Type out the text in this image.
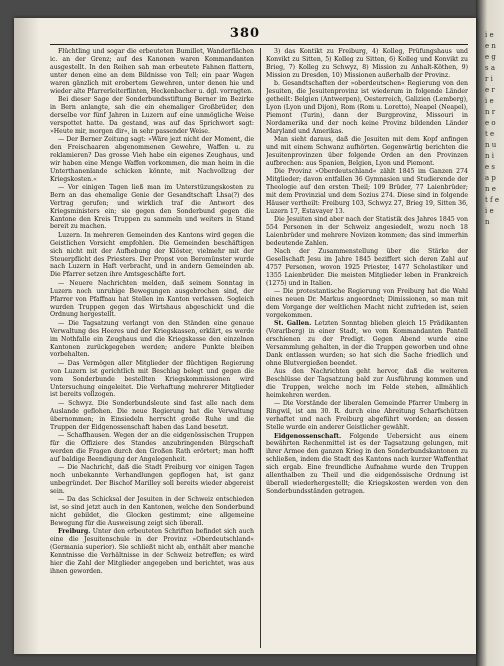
i e e n e g s a r i e r i e n r e o t e n u n i e s a p n e t f e i e n
380

Flüchtling und sogar die erbeuteten Bumillet, Wanderflächen ic. an der Grenz; auf des Kanonen waren Kommandanten ausgestellt. In den Reihen sah man erbeutete Fahnen flattern, unter denen eine an dem Bildnisse von Tell; ein paar Wagen waren gänzlich mit erobertem Gewehren, unter denen hie und wieder alte Pfarrerleiterflinten, Heckenbacher u. dgl. vorragten.

Bei dieser Sage der Sonderbundsstiftung Berner im Bezirke in Bern anlangte, sah die ein ehemaliger Großbrüder, den derselbe vor fünf Jahren in Luzern auf eine unmögliche Weise verspottet hatte. Da gestand, was auf das Sprichwort sagt: »Heute mir, morgen dir«, in sehr passender Weise.

— Der Berner Zeitung sagt: »Wäre jezt nicht der Moment, die den Freischaaren abgenommenen Gewehre, Waffen u. zu reklamieren? Das grosse Vieh habe ein eigenes Zeughaus, und wir haben eine Menge Waffen vorkommen, die man heim in die Unterthanenlande schicken könnte, mit Nachvollzug der Kriegskosten.«

— Vor einigen Tagen ließ man im Unterstüzungskosten zu Bern an das ehemalige Genie der Gesandtschaft Lhsa(?) des Vertrag gerufen; und wirklich traf die Antwort des Kriegsministers ein; sie gegen den Sonderbund gegen die Kantone den Kreis Truppen zu sammeln und weiters in Stand bereit zu machen.

Luzern. In mehreren Gemeinden des Kantons wird gegen die Geistlichen Vorsicht empfohlen. Die Gemeinden beschäftigen sich nicht mit der Aufhebung der Klöster, vielmehr mit der Steuerpflicht des Priesters. Der Propst von Beromünster wurde nach Luzern in Haft verbracht, und in andern Gemeinden ab. Die Pfarrer setzen ihre Amtsgeschäfte fort.

— Neuere Nachrichten melden, daß seinem Sonntag in Luzern noch unruhige Bewegungen ausgebrochen sind, der Pfarrer von Pfaffnau hat Stellen im Kanton verlassen. Sogleich wurden Truppen gegen das Wirtshaus abgeschickt und die Ordnung hergestellt.

— Die Tagsatzung verlangt von den Ständen eine genaue Verwaltung des Heeres und der Kriegskassen, erklärt, es werde im Nothfalle ein Zeughaus und die Kriegskasse den einzelnen Kantonen zurückgegeben werden; andere Punkte bleiben vorbehalten.

— Das Vermögen aller Mitglieder der flüchtigen Regierung von Luzern ist gerichtlich mit Beschlag belegt und gegen die vom Sonderbunde bestellten Kriegskommissionen wird Untersuchung eingeleitet. Die Verhaftung mehrerer Mitglieder ist bereits vollzogen.

— Schwyz. Die Sonderbundsleute sind fast alle nach dem Auslande geflohen. Die neue Regierung hat die Verwaltung übernommen; in Einsiedeln herrscht große Ruhe und die Truppen der Eidgenossenschaft haben das Land besetzt.

— Schaffhausen. Wegen der an die eidgenössischen Truppen für die Offiziere des Standes anzubringenden Bürgschaft werden die Fragen durch den Großen Rath erörtert; man hofft auf baldige Beendigung der Angelegenheit.

— Die Nachricht, daß die Stadt Freiburg vor einigen Tagen noch unbekannte Verhandlungen gepflogen hat, ist ganz unbegründet. Der Bischof Marilley soll bereits wieder abgereist sein.

— Da das Schicksal der Jesuiten in der Schweiz entschieden ist, so sind jetzt auch in den Kantonen, welche den Sonderbund nicht gebildet, die Glocken gestimmt; eine allgemeine Bewegung für die Ausweisung zeigt sich überall.

Freiburg. Unter den erbeuteten Schriften befindet sich auch eine die Jesuitenschule in der Provinz »Oberdeutschland« (Germania superior). Sie schließt nicht ab, enthält aber manche Kenntnisse die Verhältnisse in der Schweiz betreffen; es wird hier die Zahl der Mitglieder angegeben und berichtet, was aus ihnen geworden.

3) das Kontikt zu Freiburg, 4) Kolleg, Prüfungshaus und Konvikt zu Sitten, 5) Kolleg zu Sitten, 6) Kolleg und Konvikt zu Brieg, 7) Kolleg zu Schwyz, 8) Mission zu Anhalt-Köthen, 9) Mission zu Dresden, 10) Missionen außerhalb der Provinz.

b. Gesandtschaften der »oberdeutschen« Regierung von den Jesuiten, die Jesuitenprovinz ist wiederum in folgende Länder getheilt: Belgien (Antwerpen), Oesterreich, Galizien (Lemberg), Lyon (Lyon und Dijon), Rom (Rom u. Loretto), Neapel (Neapel), Piemont (Turin), dann der Burgprovinz, Missouri in Nordamerika und der noch keine Provinz bildenden Länder Maryland und Amerikas.

Man sieht daraus, daß die Jesuiten mit dem Kopf anfingen und mit einem Schwanz aufhörten. Gegenwärtig berichten die Jesuitenprovinzen über folgende Orden an den Provinzen aufbrechen: aus Spanien, Belgien, Lyon und Piemont.

Die Provinz »Oberdeutschland« zählt 1845 im Ganzen 274 Mitglieder; davon entfallen 36 Gymnasien und Studierende der Theologie auf den ersten Theil; 109 Brüder, 77 Laienbrüder; mit dem Provinzial und dem Sozius 274. Diese sind in folgende Häuser vertheilt: Freiburg 103, Schwyz 27, Brieg 19, Sitten 36, Luzern 17, Estavayer 13.

Die Jesuiten sind aber nach der Statistik des Jahres 1845 von 554 Personen in der Schweiz angesiedelt, wozu noch 18 Laienbrüder und mehrere Novizen kommen; das sind immerhin bedeutende Zahlen.

Nach der Zusammenstellung über die Stärke der Gesellschaft Jesu im Jahre 1845 beziffert sich deren Zahl auf 4757 Personen, wovon 1925 Priester, 1477 Scholastiker und 1355 Laienbrüder. Die meisten Mitglieder leben in Frankreich (1275) und in Italien.

— Die protestantische Regierung von Freiburg hat die Wahl eines neuen Dr. Markus angeordnet; Dimissionen, so man mit dem Vorgange der weltlichen Macht nicht zufrieden ist, seien vorgekommen.

St. Gallen. Letzten Sonntag blieben gleich 15 Prädikanten (Vorarlberg) in einer Stadt, wo vom Kommandanten Pantell erschienen zu der Predigt. Gegen Abend wurde eine Versammlung gehalten, in der die Truppen geworben und ohne Dank entlassen wurden; so hat sich die Sache friedlich und ohne Blutvergießen beendet.

Aus den Nachrichten geht hervor, daß die weiteren Beschlüsse der Tagsatzung bald zur Ausführung kommen und die Truppen, welche noch im Felde stehen, allmählich heimkehren werden.

— Die Vorstände der liberalen Gemeinde Pfarrer Umberg in Ringwil, ist am 30. R. durch eine Abreitung Scharfschützen verhaftet und nach Freiburg abgeführt worden; an dessen Stelle wurde ein anderer Geistlicher gewählt.

Eidgenossenschaft. Folgende Uebersicht aus einem bewährten Rechenmittel ist es der Tagsatzung gelungen, mit ihrer Armee den ganzen Krieg in den Sonderbundskantonen zu schließen, indem die Stadt des Kantons nach kurzer Waffenthat sich ergab. Eine freundliche Aufnahme wurde den Truppen allenthalben zu Theil und die eidgenössische Ordnung ist überall wiederhergestellt; die Kriegskosten werden von den Sonderbundsständen getragen.
